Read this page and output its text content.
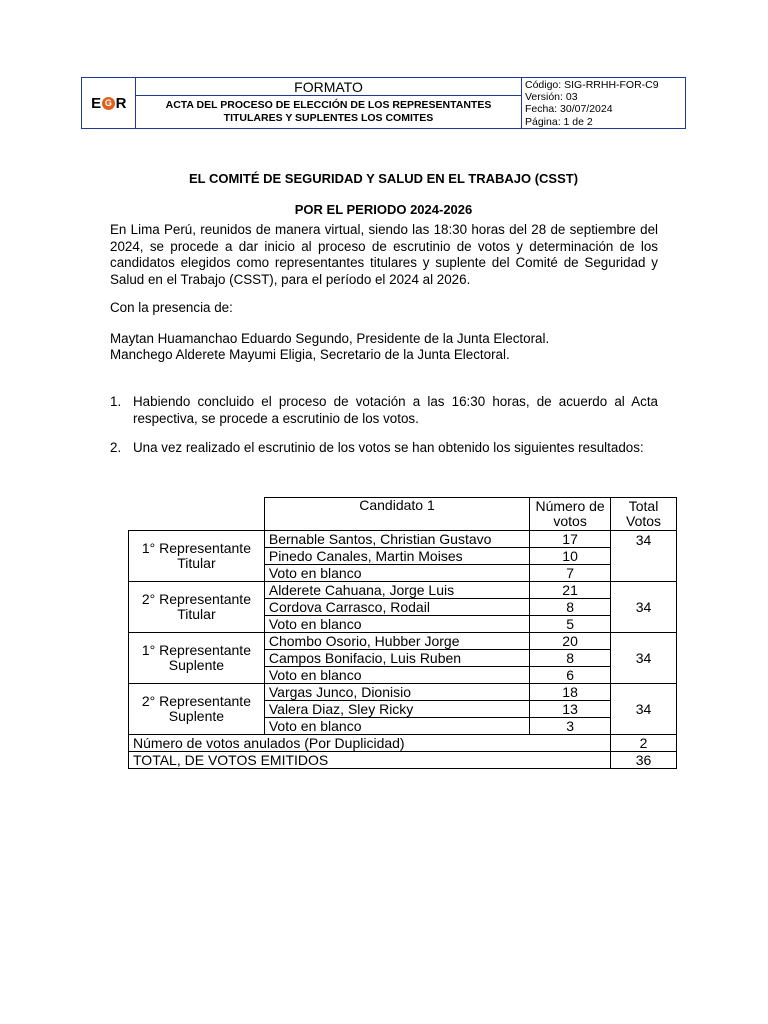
E G R
FORMATO
ACTA DEL PROCESO DE ELECCIÓN DE LOS REPRESENTANTES
TITULARES Y SUPLENTES LOS COMITES
Código: SIG-RRHH-FOR-C9
Versión: 03
Fecha: 30/07/2024
Página: 1 de 2
EL COMITÉ DE SEGURIDAD Y SALUD EN EL TRABAJO (CSST)
POR EL PERIODO 2024-2026
En Lima Perú, reunidos de manera virtual, siendo las 18:30 horas del 28 de septiembre del 2024, se procede a dar inicio al proceso de escrutinio de votos y determinación de los candidatos elegidos como representantes titulares y suplente del Comité de Seguridad y Salud en el Trabajo (CSST), para el período el 2024 al 2026.
Con la presencia de:
Maytan Huamanchao Eduardo Segundo, Presidente de la Junta Electoral.
Manchego Alderete Mayumi Eligia, Secretario de la Junta Electoral.
1. Habiendo concluido el proceso de votación a las 16:30 horas, de acuerdo al Acta respectiva, se procede a escrutinio de los votos.
2. Una vez realizado el escrutinio de los votos se han obtenido los siguientes resultados:
	Candidato 1	Número de votos	Total Votos
1° Representante Titular	Bernable Santos, Christian Gustavo	17	34
	Pinedo Canales, Martin Moises	10	
	Voto en blanco	7	
2° Representante Titular	Alderete Cahuana, Jorge Luis	21	34
	Cordova Carrasco, Rodail	8	
	Voto en blanco	5	
1° Representante Suplente	Chombo Osorio, Hubber Jorge	20	34
	Campos Bonifacio, Luis Ruben	8	
	Voto en blanco	6	
2° Representante Suplente	Vargas Junco, Dionisio	18	34
	Valera Diaz, Sley Ricky	13	
	Voto en blanco	3	
Número de votos anulados (Por Duplicidad)			2
TOTAL, DE VOTOS EMITIDOS			36
